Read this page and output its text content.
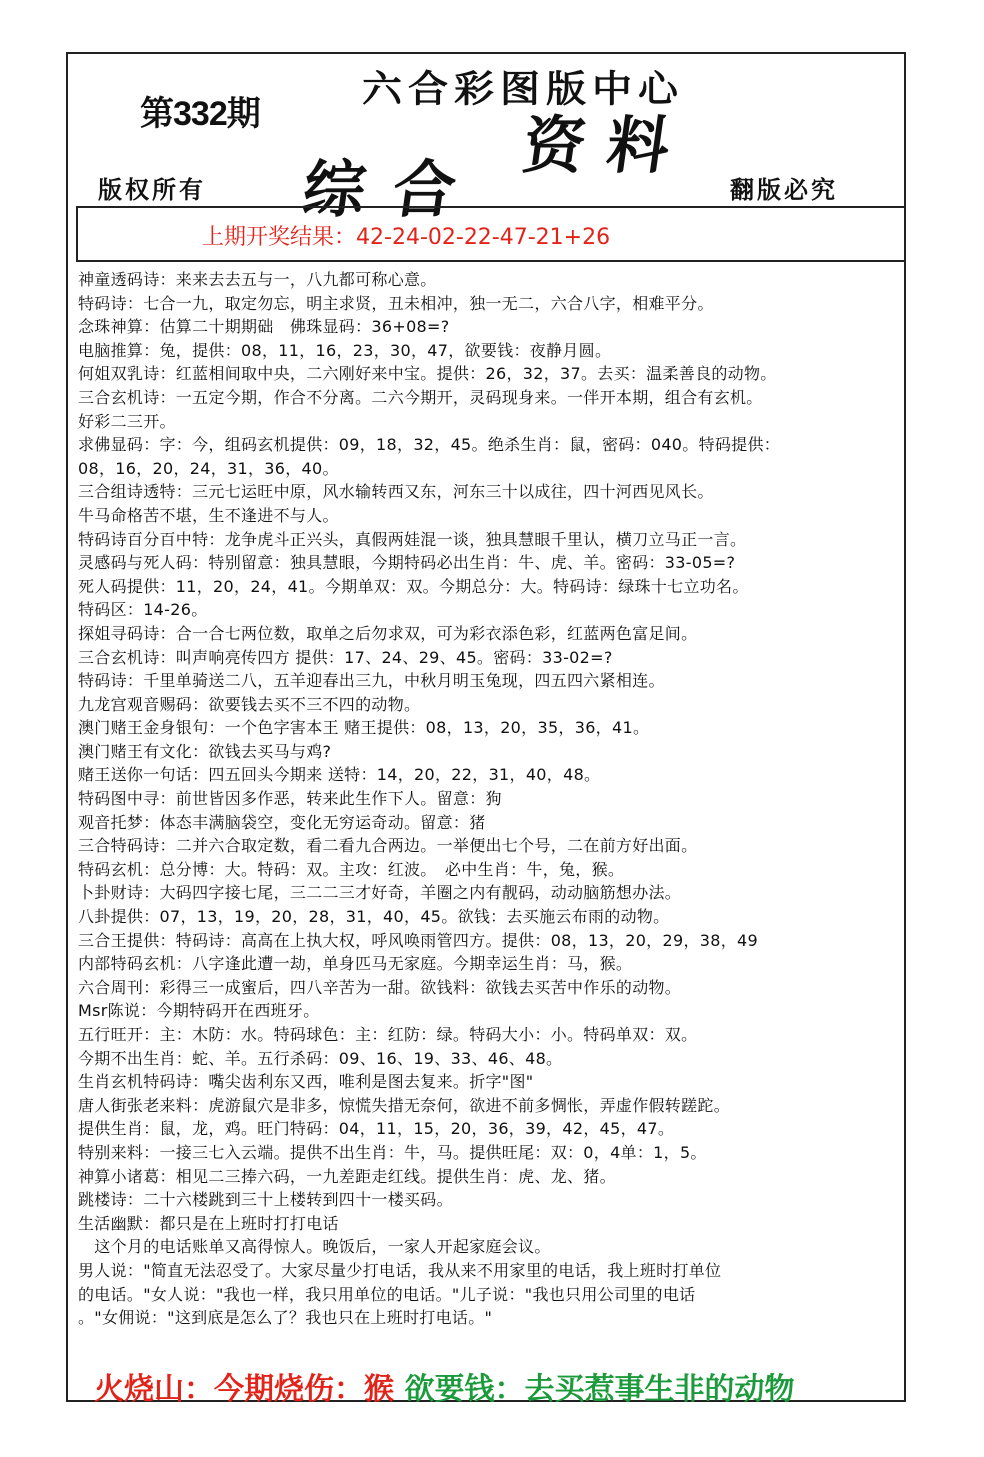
第332期
六合彩图版中心
资料
综合
版权所有	翻版必究
上期开奖结果：42-24-02-22-47-21+26
神童透码诗：来来去去五与一，八九都可称心意。
特码诗：七合一九，取定勿忘，明主求贤，丑未相冲，独一无二，六合八字，相难平分。
念珠神算：估算二十期期础　佛珠显码：36+08=?
电脑推算：兔，提供：08，11，16，23，30，47，欲要钱：夜静月圆。
何姐双乳诗：红蓝相间取中央，二六刚好来中宝。提供：26，32，37。去买：温柔善良的动物。
三合玄机诗：一五定今期，作合不分离。二六今期开，灵码现身来。一伴开本期，组合有玄机。
好彩二三开。
求佛显码：字：今，组码玄机提供：09，18，32，45。绝杀生肖：鼠，密码：040。特码提供：
08，16，20，24，31，36，40。
三合组诗透特：三元七运旺中原，风水输转西又东，河东三十以成往，四十河西见风长。
牛马命格苦不堪，生不逢进不与人。
特码诗百分百中特：龙争虎斗正兴头，真假两娃混一谈，独具慧眼千里认，横刀立马正一言。
灵感码与死人码：特别留意：独具慧眼，今期特码必出生肖：牛、虎、羊。密码：33-05=?
死人码提供：11，20，24，41。今期单双：双。今期总分：大。特码诗：绿珠十七立功名。
特码区：14-26。
探姐寻码诗：合一合七两位数，取单之后勿求双，可为彩衣添色彩，红蓝两色富足间。
三合玄机诗：叫声响亮传四方 提供：17、24、29、45。密码：33-02=?
特码诗：千里单骑送二八，五羊迎春出三九，中秋月明玉兔现，四五四六紧相连。
九龙宫观音赐码：欲要钱去买不三不四的动物。
澳门赌王金身银句：一个色字害本王 赌王提供：08，13，20，35，36，41。
澳门赌王有文化：欲钱去买马与鸡?
赌王送你一句话：四五回头今期来 送特：14，20，22，31，40，48。
特码图中寻：前世皆因多作恶，转来此生作下人。留意：狗
观音托梦：体态丰满脑袋空，变化无穷运奇动。留意：猪
三合特码诗：二并六合取定数，看二看九合两边。一举便出七个号，二在前方好出面。
特码玄机：总分博：大。特码：双。主攻：红波。　必中生肖：牛，兔，猴。
卜卦财诗：大码四字接七尾，三二二三才好奇，羊圈之内有靓码，动动脑筋想办法。
八卦提供：07，13，19，20，28，31，40，45。欲钱：去买施云布雨的动物。
三合王提供：特码诗：高高在上执大权，呼风唤雨管四方。提供：08，13，20，29，38，49
内部特码玄机：八字逢此遭一劫，单身匹马无家庭。今期幸运生肖：马，猴。
六合周刊：彩得三一成蜜后，四八辛苦为一甜。欲钱料：欲钱去买苦中作乐的动物。
Msr陈说：今期特码开在西班牙。
五行旺开：主：木防：水。特码球色：主：红防：绿。特码大小：小。特码单双：双。
今期不出生肖：蛇、羊。五行杀码：09、16、19、33、46、48。
生肖玄机特码诗：嘴尖齿利东又西，唯利是图去复来。折字"图"
唐人街张老来料：虎游鼠穴是非多，惊慌失措无奈何，欲进不前多惆怅，弄虚作假转蹉跎。
提供生肖：鼠，龙，鸡。旺门特码：04，11，15，20，36，39，42，45，47。
特别来料：一接三七入云端。提供不出生肖：牛，马。提供旺尾：双：0，4单：1，5。
神算小诸葛：相见二三捧六码，一九差距走红线。提供生肖：虎、龙、猪。
跳楼诗：二十六楼跳到三十上楼转到四十一楼买码。
生活幽默：都只是在上班时打打电话
　这个月的电话账单又高得惊人。晚饭后，一家人开起家庭会议。
男人说："简直无法忍受了。大家尽量少打电话，我从来不用家里的电话，我上班时打单位
的电话。"女人说："我也一样，我只用单位的电话。"儿子说："我也只用公司里的电话
。"女佣说："这到底是怎么了？我也只在上班时打电话。"
火烧山：今期烧伤：猴 欲要钱：去买惹事生非的动物
